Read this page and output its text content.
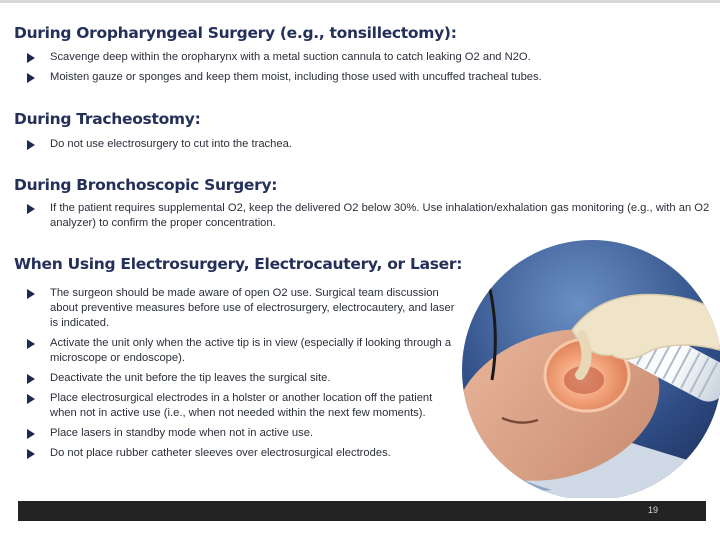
During Oropharyngeal Surgery (e.g., tonsillectomy):
Scavenge deep within the oropharynx with a metal suction cannula to catch leaking O2 and N2O.
Moisten gauze or sponges and keep them moist, including those used with uncuffed tracheal tubes.
During Tracheostomy:
Do not use electrosurgery to cut into the trachea.
During Bronchoscopic Surgery:
If the patient requires supplemental O2, keep the delivered O2 below 30%. Use inhalation/exhalation gas monitoring (e.g., with an O2 analyzer) to confirm the proper concentration.
When Using Electrosurgery, Electrocautery, or Laser:
The surgeon should be made aware of open O2 use. Surgical team discussion about preventive measures before use of electrosurgery, electrocautery, and laser is indicated.
Activate the unit only when the active tip is in view (especially if looking through a microscope or endoscope).
Deactivate the unit before the tip leaves the surgical site.
Place electrosurgical electrodes in a holster or another location off the patient when not in active use (i.e., when not needed within the next few moments).
Place lasers in standby mode when not in active use.
Do not place rubber catheter sleeves over electrosurgical electrodes.
19
